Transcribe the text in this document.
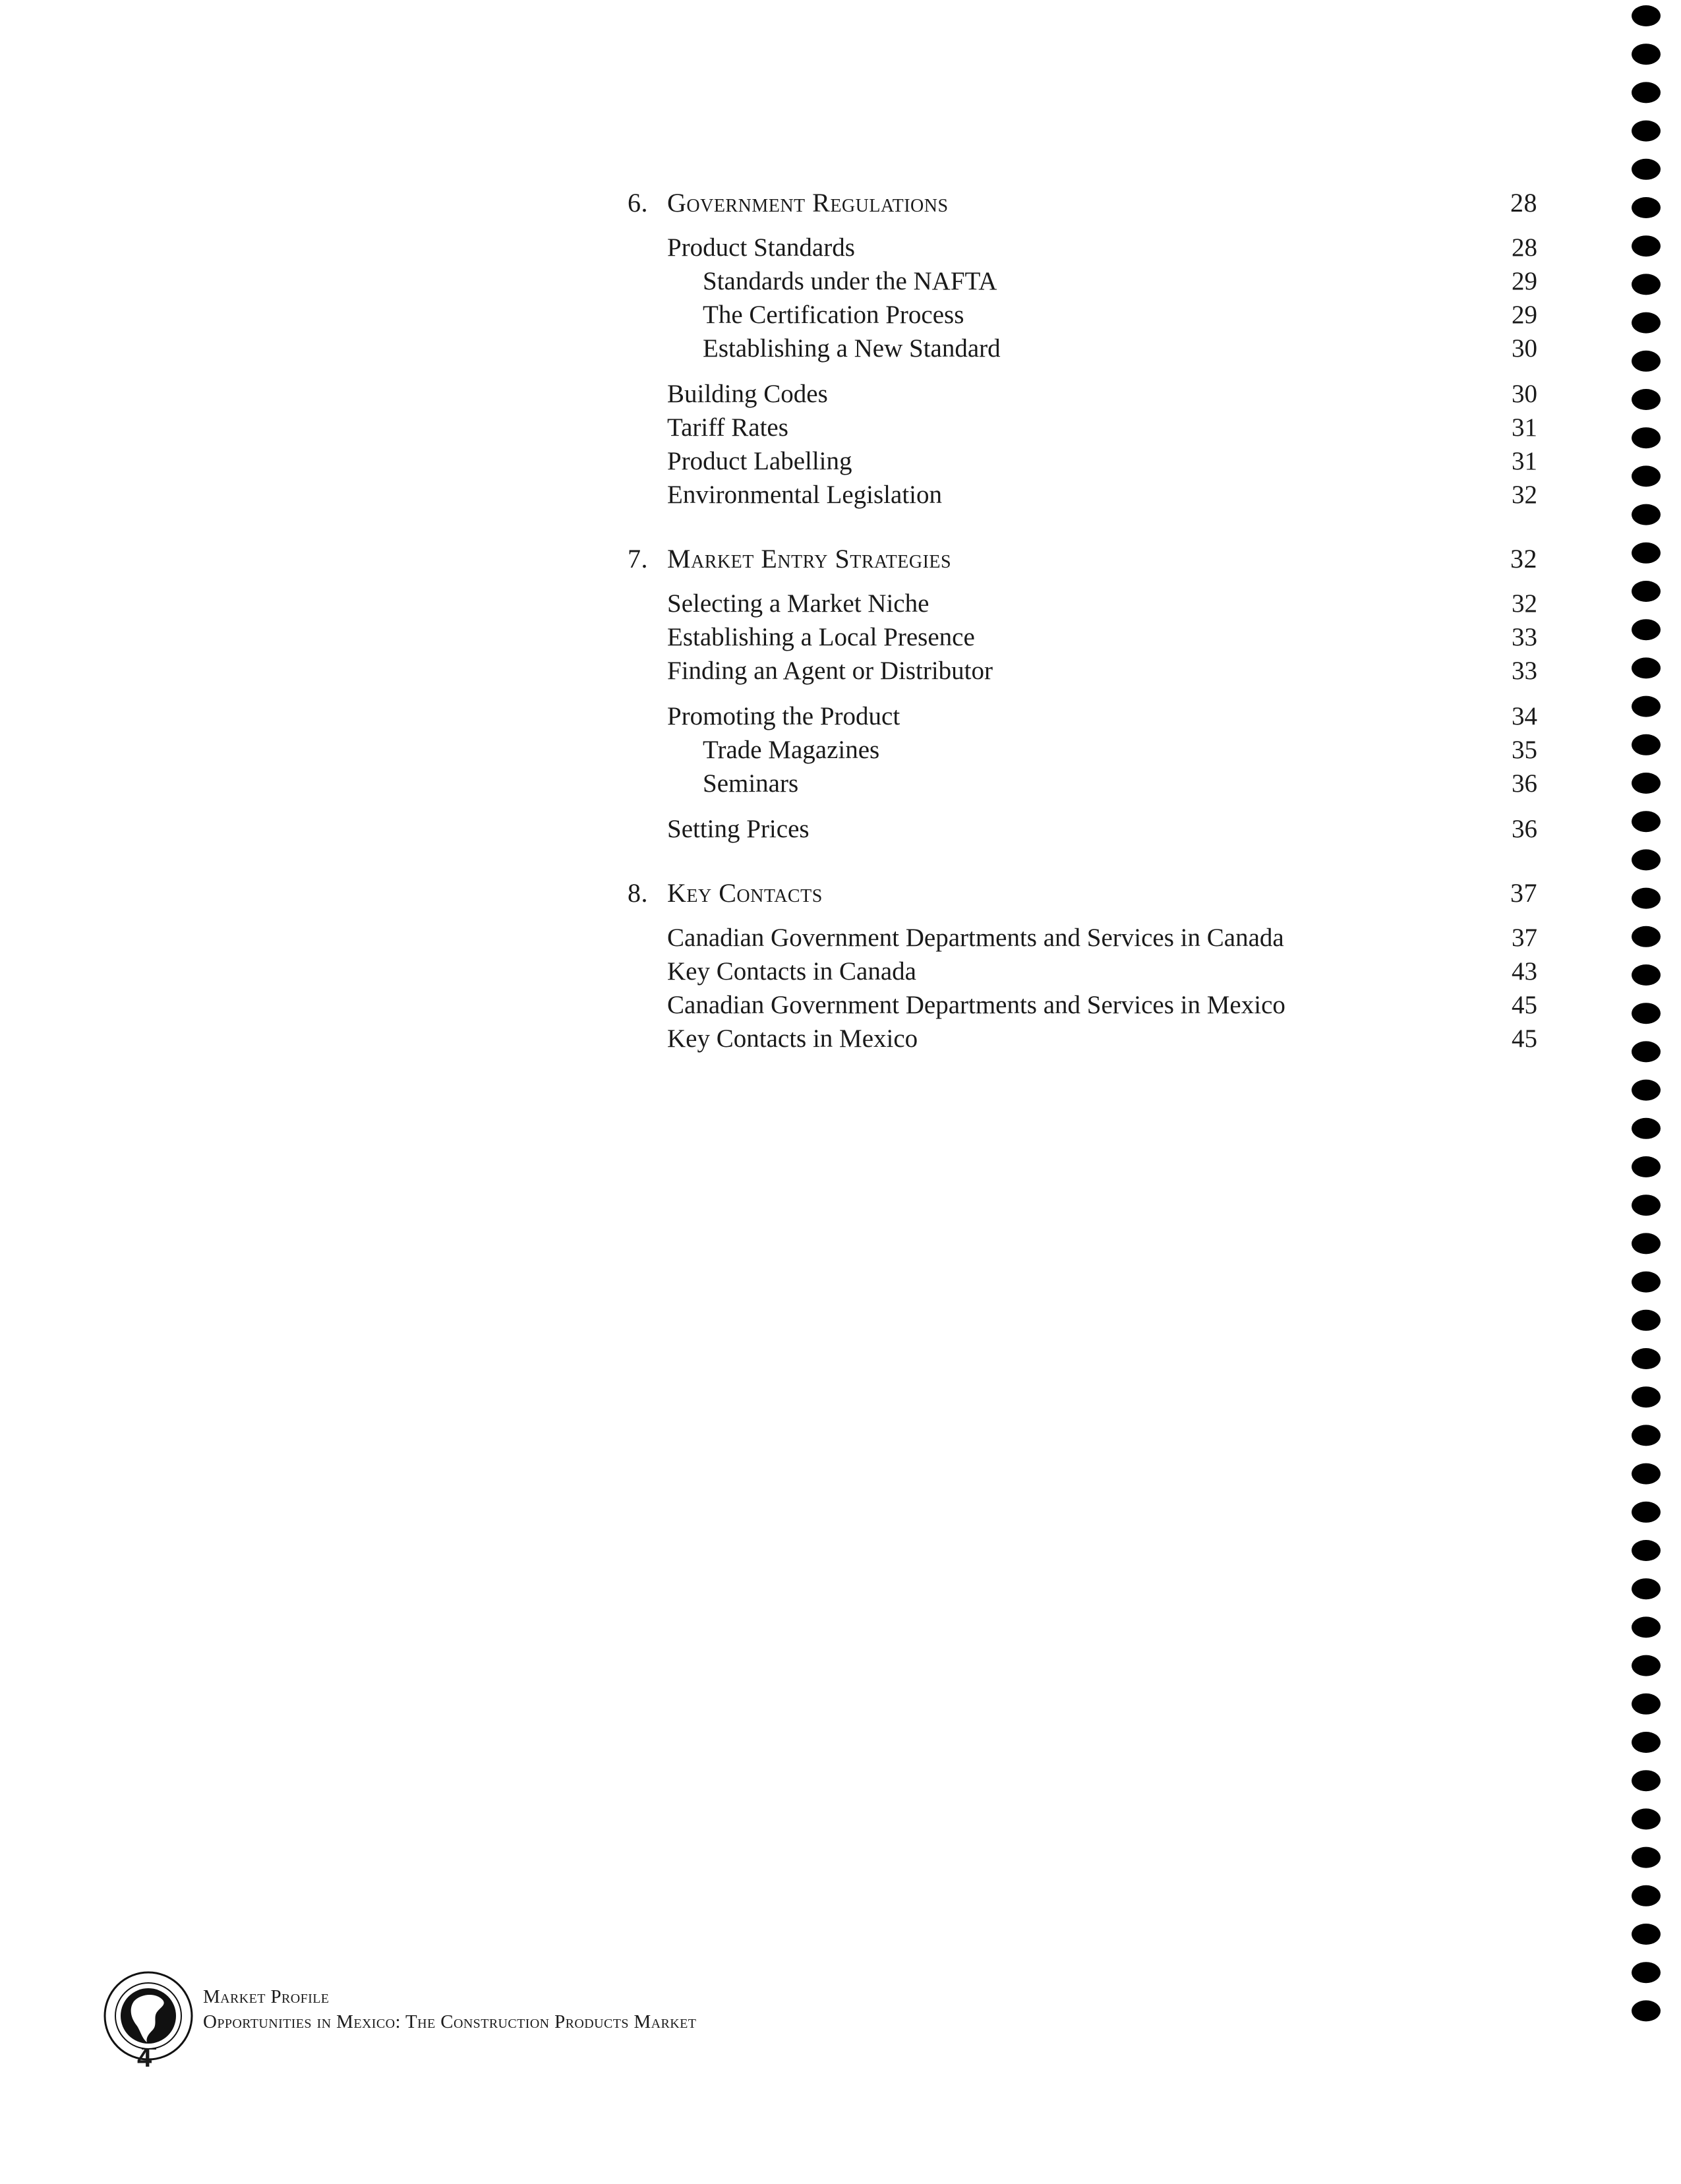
6. Government Regulations	28
Product Standards	28
Standards under the NAFTA	29
The Certification Process	29
Establishing a New Standard	30
Building Codes	30
Tariff Rates	31
Product Labelling	31
Environmental Legislation	32
7. Market Entry Strategies	32
Selecting a Market Niche	32
Establishing a Local Presence	33
Finding an Agent or Distributor	33
Promoting the Product	34
Trade Magazines	35
Seminars	36
Setting Prices	36
8. Key Contacts	37
Canadian Government Departments and Services in Canada	37
Key Contacts in Canada	43
Canadian Government Departments and Services in Mexico	45
Key Contacts in Mexico	45
Market Profile
Opportunities in Mexico: The Construction Products Market
4
